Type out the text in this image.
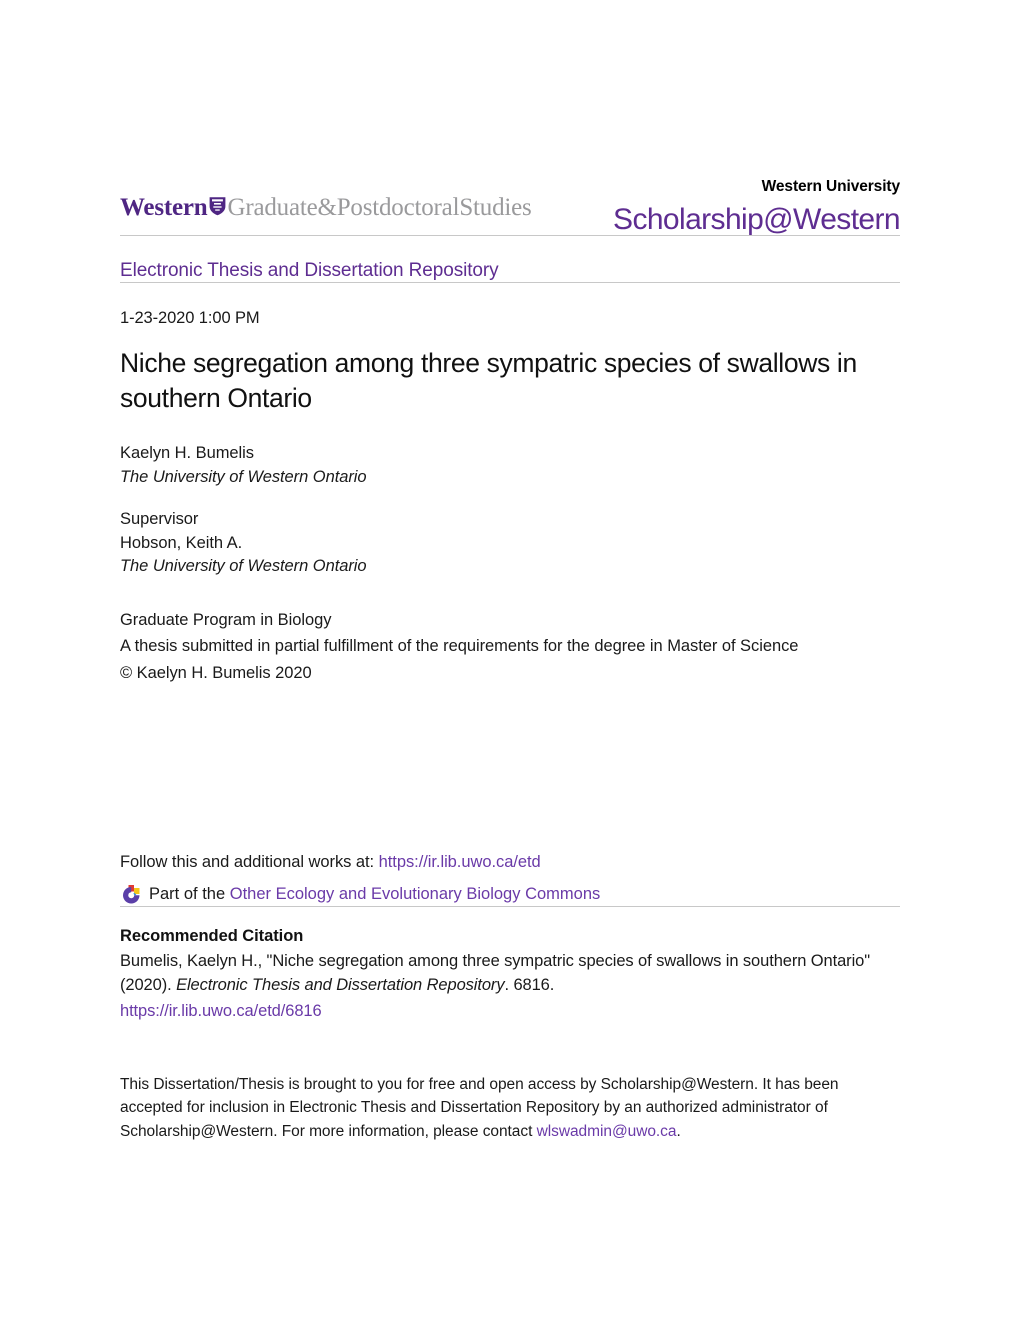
Western Graduate&PostdoctoralStudies
Western University
Scholarship@Western
Electronic Thesis and Dissertation Repository
1-23-2020 1:00 PM
Niche segregation among three sympatric species of swallows in southern Ontario
Kaelyn H. Bumelis
The University of Western Ontario
Supervisor
Hobson, Keith A.
The University of Western Ontario
Graduate Program in Biology
A thesis submitted in partial fulfillment of the requirements for the degree in Master of Science
© Kaelyn H. Bumelis 2020
Follow this and additional works at: https://ir.lib.uwo.ca/etd
Part of the
Other Ecology and Evolutionary Biology Commons
Recommended Citation
Bumelis, Kaelyn H., "Niche segregation among three sympatric species of swallows in southern Ontario"
(2020). Electronic Thesis and Dissertation Repository. 6816.

https://ir.lib.uwo.ca/etd/6816
This Dissertation/Thesis is brought to you for free and open access by Scholarship@Western. It has been accepted for inclusion in Electronic Thesis and Dissertation Repository by an authorized administrator of Scholarship@Western. For more information, please contact wlswadmin@uwo.ca.
